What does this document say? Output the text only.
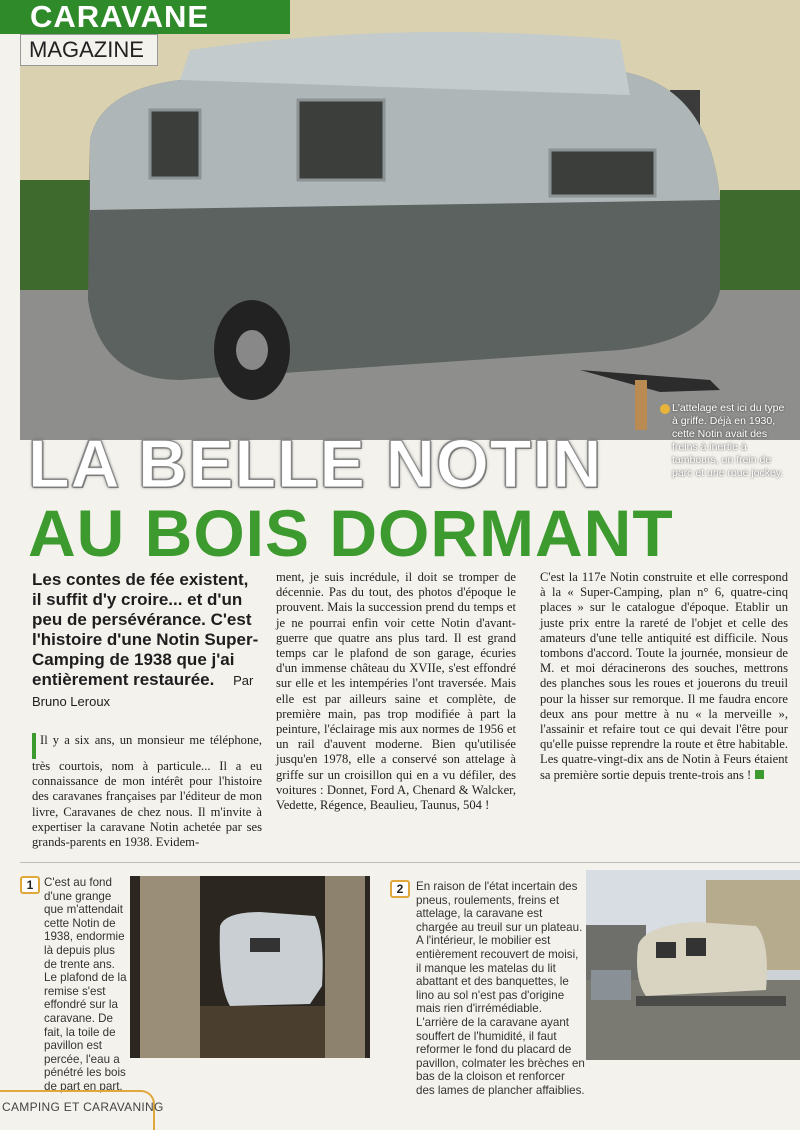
CARAVANE
MAGAZINE
L'attelage est ici du type à griffe. Déjà en 1930, cette Notin avait des freins à inertie à tambours, un frein de parc et une roue jockey.
LA BELLE NOTIN
AU BOIS DORMANT
Les contes de fée existent, il suffit d'y croire... et d'un peu de persévérance. C'est l'histoire d'une Notin Super-Camping de 1938 que j'ai entièrement restaurée. Par Bruno Leroux
Il y a six ans, un monsieur me téléphone, très courtois, nom à particule... Il a eu connaissance de mon intérêt pour l'histoire des caravanes françaises par l'éditeur de mon livre, Caravanes de chez nous. Il m'invite à expertiser la caravane Notin achetée par ses grands-parents en 1938. Evidem-
ment, je suis incrédule, il doit se tromper de décennie. Pas du tout, des photos d'époque le prouvent. Mais la succession prend du temps et je ne pourrai enfin voir cette Notin d'avant-guerre que quatre ans plus tard. Il est grand temps car le plafond de son garage, écuries d'un immense château du XVIIe, s'est effondré sur elle et les intempéries l'ont traversée. Mais elle est par ailleurs saine et complète, de première main, pas trop modifiée à part la peinture, l'éclairage mis aux normes de 1956 et un rail d'auvent moderne. Bien qu'utilisée jusqu'en 1978, elle a conservé son attelage à griffe sur un croisillon qui en a vu défiler, des voitures : Donnet, Ford A, Chenard & Walcker, Vedette, Régence, Beaulieu, Taunus, 504 !
C'est la 117e Notin construite et elle correspond à la « Super-Camping, plan n° 6, quatre-cinq places » sur le catalogue d'époque. Etablir un juste prix entre la rareté de l'objet et celle des amateurs d'une telle antiquité est difficile. Nous tombons d'accord. Toute la journée, monsieur de M. et moi déracinerons des souches, mettrons des planches sous les roues et jouerons du treuil pour la hisser sur remorque. Il me faudra encore deux ans pour mettre à nu « la merveille », l'assainir et refaire tout ce qui devait l'être pour qu'elle puisse reprendre la route et être habitable. Les quatre-vingt-dix ans de Notin à Feurs étaient sa première sortie depuis trente-trois ans !
1 C'est au fond d'une grange que m'attendait cette Notin de 1938, endormie là depuis plus de trente ans. Le plafond de la remise s'est effondré sur la caravane. De fait, la toile de pavillon est percée, l'eau a pénétré les bois de part en part.
2	En raison de l'état incertain des pneus, roulements, freins et attelage, la caravane est chargée au treuil sur un plateau. A l'intérieur, le mobilier est entièrement recouvert de moisi, il manque les matelas du lit abattant et des banquettes, le lino au sol n'est pas d'origine mais rien d'irrémédiable. L'arrière de la caravane ayant souffert de l'humidité, il faut reformer le fond du placard de pavillon, colmater les brèches en bas de la cloison et renforcer des lames de plancher affaiblies.
CAMPING ET CARAVANING
